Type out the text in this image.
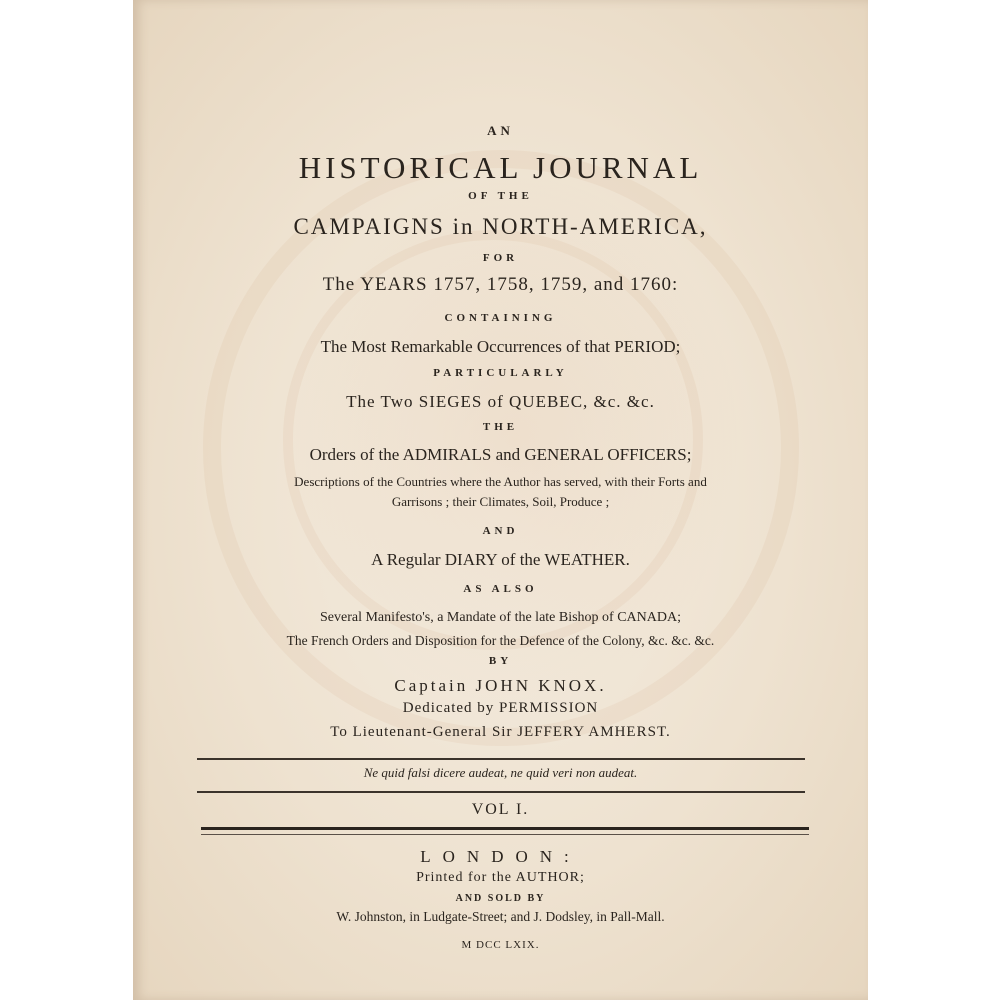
AN
HISTORICAL JOURNAL
OF THE
CAMPAIGNS in NORTH-AMERICA,
FOR
The YEARS 1757, 1758, 1759, and 1760:
CONTAINING
The Most Remarkable Occurrences of that PERIOD;
PARTICULARLY
The Two SIEGES of QUEBEC, &c. &c.
THE
Orders of the ADMIRALS and GENERAL OFFICERS;
Descriptions of the Countries where the Author has served, with their Forts and
Garrisons ; their Climates, Soil, Produce ;
AND
A Regular DIARY of the WEATHER.
AS ALSO
Several Manifesto's, a Mandate of the late Bishop of CANADA;
The French Orders and Disposition for the Defence of the Colony, &c. &c. &c.
BY
Captain JOHN KNOX.
Dedicated by PERMISSION
To Lieutenant-General Sir JEFFERY AMHERST.
Ne quid falsi dicere audeat, ne quid veri non audeat.
VOL I.
LONDON:
Printed for the AUTHOR;
AND SOLD BY
W. Johnston, in Ludgate-Street; and J. Dodsley, in Pall-Mall.
M DCC LXIX.
